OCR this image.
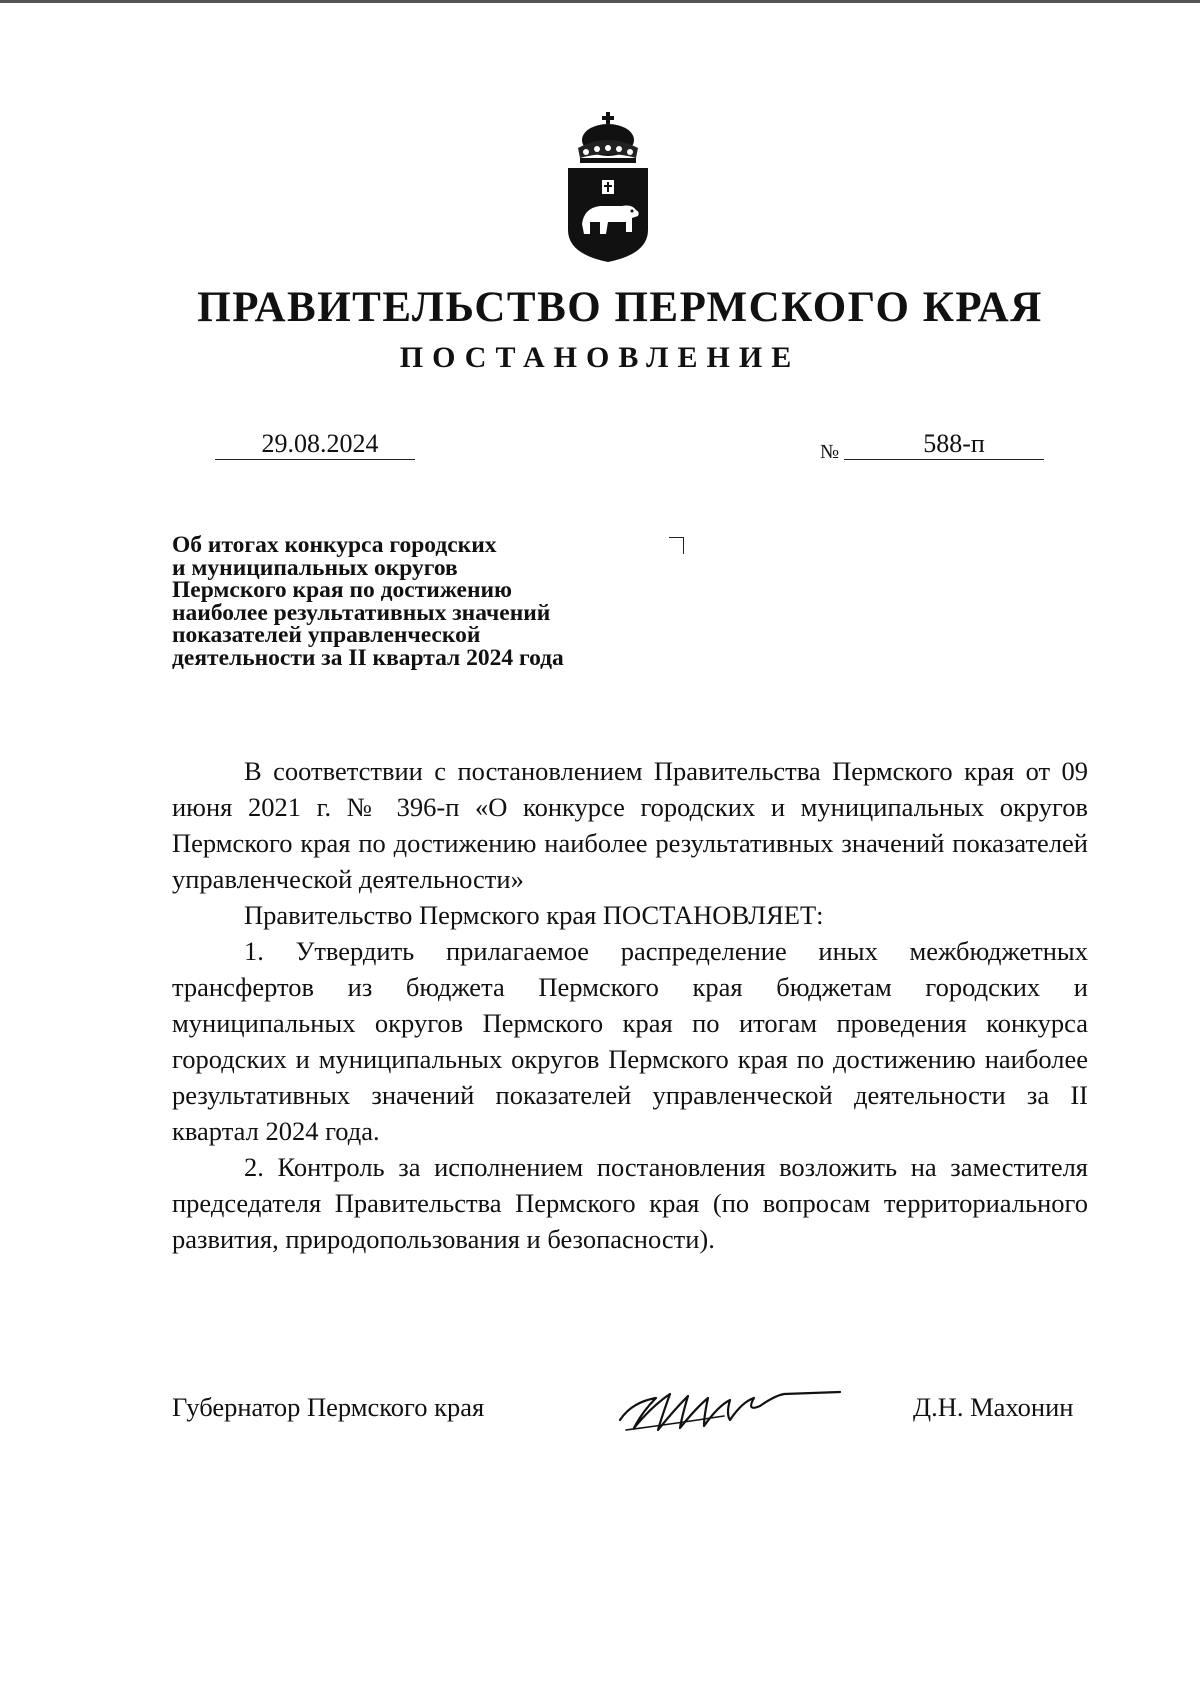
ПРАВИТЕЛЬСТВО ПЕРМСКОГО КРАЯ
ПОСТАНОВЛЕНИЕ
29.08.2024	№	588-п
Об итогах конкурса городских
и муниципальных округов
Пермского края по достижению
наиболее результативных значений
показателей управленческой
деятельности за II квартал 2024 года

В соответствии с постановлением Правительства Пермского края от 09 июня 2021 г. № 396-п «О конкурсе городских и муниципальных округов Пермского края по достижению наиболее результативных значений показателей управленческой деятельности»

Правительство Пермского края ПОСТАНОВЛЯЕТ:

1. Утвердить прилагаемое распределение иных межбюджетных трансфертов из бюджета Пермского края бюджетам городских и муниципальных округов Пермского края по итогам проведения конкурса городских и муниципальных округов Пермского края по достижению наиболее результативных значений показателей управленческой деятельности за II квартал 2024 года.

2. Контроль за исполнением постановления возложить на заместителя председателя Правительства Пермского края (по вопросам территориального развития, природопользования и безопасности).

Губернатор Пермского края	Д.Н. Махонин
